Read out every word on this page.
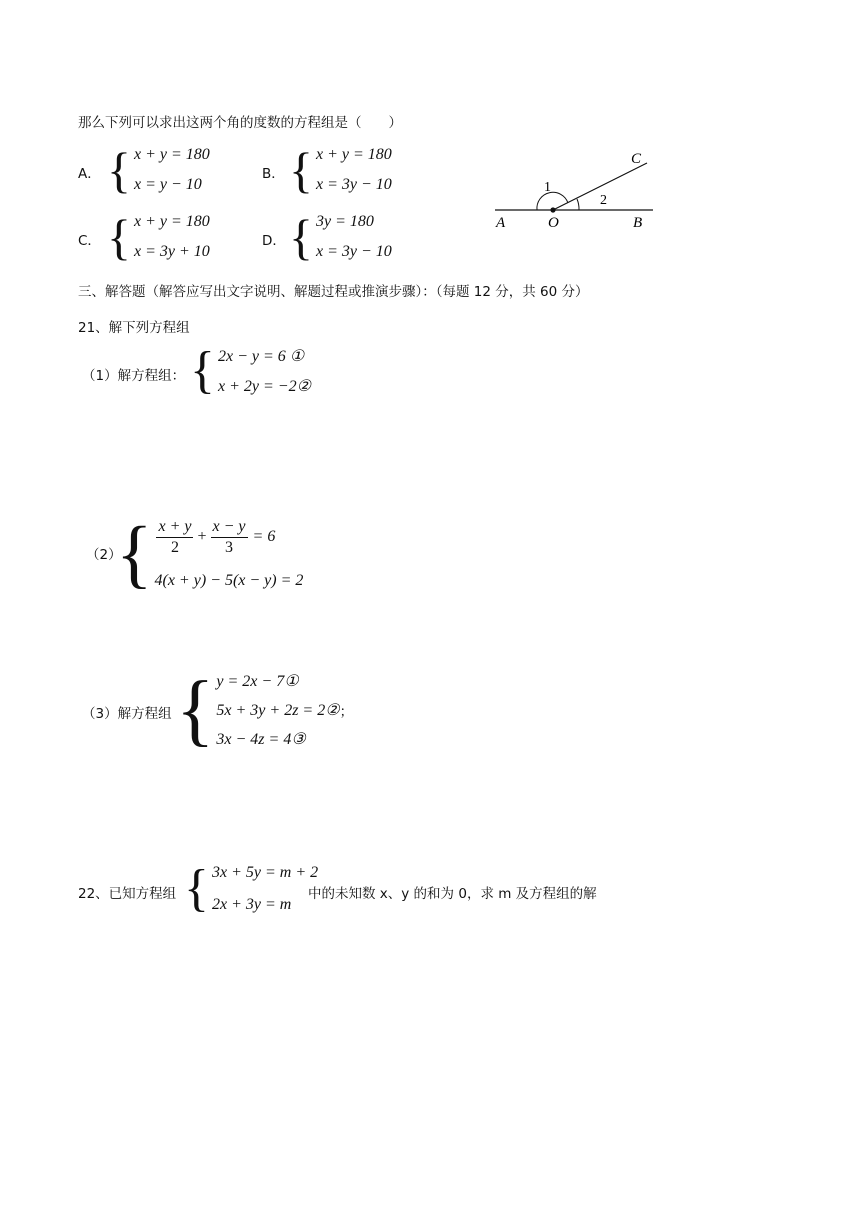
那么下列可以求出这两个角的度数的方程组是（　　）
A． { x + y = 180
x = y − 10
B． { x + y = 180
x = 3y − 10
C． { x + y = 180
x = 3y + 10
D． { 3y = 180
x = 3y − 10
A	O	B
C
1
2
三、解答题（解答应写出文字说明、解题过程或推演步骤）：（每题 12 分，共 60 分）
21、解下列方程组
（1）解方程组： { 2x − y = 6 ①
x + 2y = −2②
（2）
{ $\frac{x + y}{2} + \frac{x - y}{3} = 6$
4(x + y) − 5(x − y) = 2
（3）解方程组 { y = 2x − 7①
5x + 3y + 2z = 2② ；
3x − 4z = 4③
22、已知方程组 { 3x + 5y = m + 2
2x + 3y = m
中的未知数 x、y 的和为 0，求 m 及方程组的解
